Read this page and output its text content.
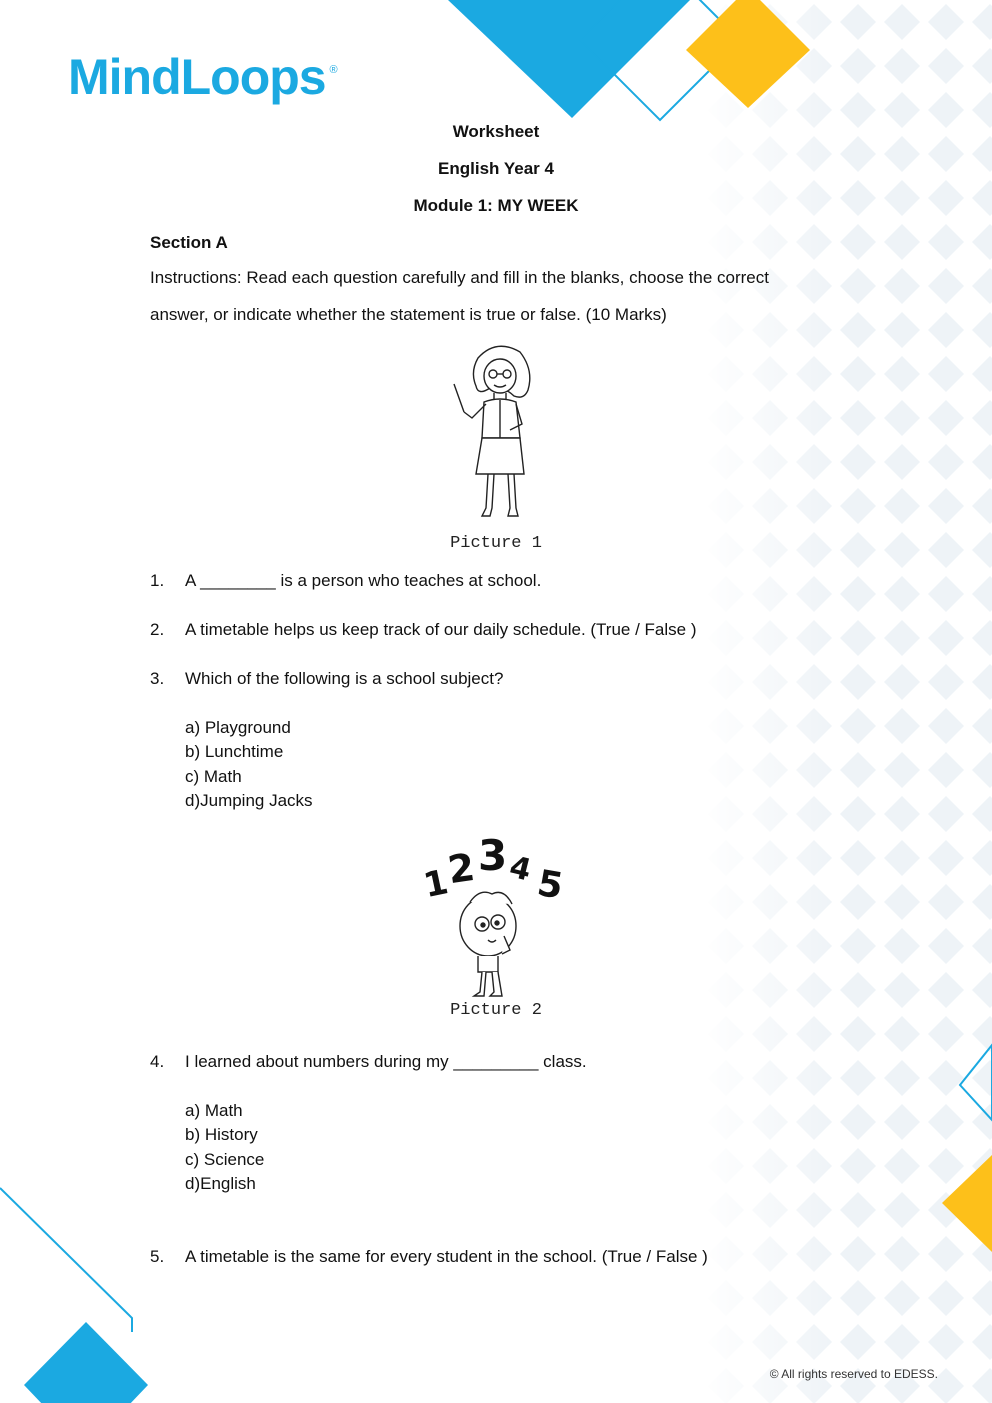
MindLoops ®
Worksheet
English Year 4
Module 1: MY WEEK
Section A
Instructions: Read each question carefully and fill in the blanks, choose the correct
answer, or indicate whether the statement is true or false. (10 Marks)
Picture 1
1. A ________ is a person who teaches at school.
2. A timetable helps us keep track of our daily schedule. (True / False )
3. Which of the following is a school subject?
a) Playground
b) Lunchtime
c) Math
d)Jumping Jacks
1
2 3
4 5
Picture 2
4. I learned about numbers during my _________ class.
a) Math
b) History
c) Science
d)English
5. A timetable is the same for every student in the school. (True / False )
© All rights reserved to EDESS.
